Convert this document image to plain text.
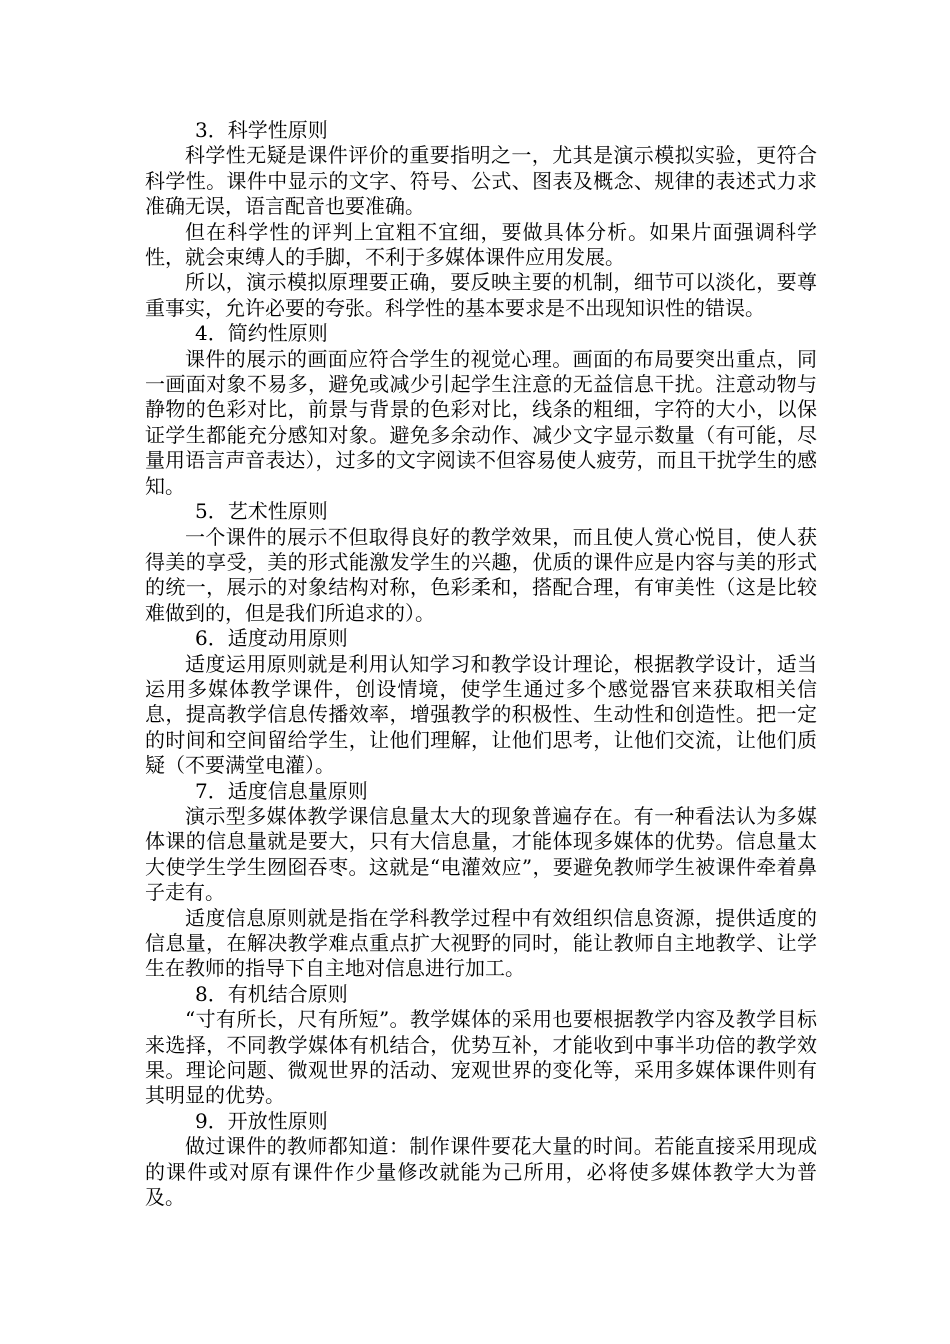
3．科学性原则

科学性无疑是课件评价的重要指明之一，尤其是演示模拟实验，更符合科学性。课件中显示的文字、符号、公式、图表及概念、规律的表述式力求准确无误，语言配音也要准确。

但在科学性的评判上宜粗不宜细，要做具体分析。如果片面强调科学性，就会束缚人的手脚，不利于多媒体课件应用发展。

所以，演示模拟原理要正确，要反映主要的机制，细节可以淡化，要尊重事实，允许必要的夸张。科学性的基本要求是不出现知识性的错误。

4．简约性原则

课件的展示的画面应符合学生的视觉心理。画面的布局要突出重点，同一画面对象不易多，避免或减少引起学生注意的无益信息干扰。注意动物与静物的色彩对比，前景与背景的色彩对比，线条的粗细，字符的大小，以保证学生都能充分感知对象。避免多余动作、减少文字显示数量（有可能，尽量用语言声音表达），过多的文字阅读不但容易使人疲劳，而且干扰学生的感知。

5．艺术性原则

一个课件的展示不但取得良好的教学效果，而且使人赏心悦目，使人获得美的享受，美的形式能激发学生的兴趣，优质的课件应是内容与美的形式的统一，展示的对象结构对称，色彩柔和，搭配合理，有审美性（这是比较难做到的，但是我们所追求的）。

6．适度动用原则

适度运用原则就是利用认知学习和教学设计理论，根据教学设计，适当运用多媒体教学课件，创设情境，使学生通过多个感觉器官来获取相关信息，提高教学信息传播效率，增强教学的积极性、生动性和创造性。把一定的时间和空间留给学生，让他们理解，让他们思考，让他们交流，让他们质疑（不要满堂电灌）。

7．适度信息量原则

演示型多媒体教学课信息量太大的现象普遍存在。有一种看法认为多媒体课的信息量就是要大，只有大信息量，才能体现多媒体的优势。信息量太大使学生学生囫囵吞枣。这就是“电灌效应”，要避免教师学生被课件牵着鼻子走有。

适度信息原则就是指在学科教学过程中有效组织信息资源，提供适度的信息量，在解决教学难点重点扩大视野的同时，能让教师自主地教学、让学生在教师的指导下自主地对信息进行加工。

8．有机结合原则

“寸有所长，尺有所短”。教学媒体的采用也要根据教学内容及教学目标来选择，不同教学媒体有机结合，优势互补，才能收到中事半功倍的教学效果。理论问题、微观世界的活动、宠观世界的变化等，采用多媒体课件则有其明显的优势。

9．开放性原则

做过课件的教师都知道：制作课件要花大量的时间。若能直接采用现成的课件或对原有课件作少量修改就能为己所用，必将使多媒体教学大为普及。
